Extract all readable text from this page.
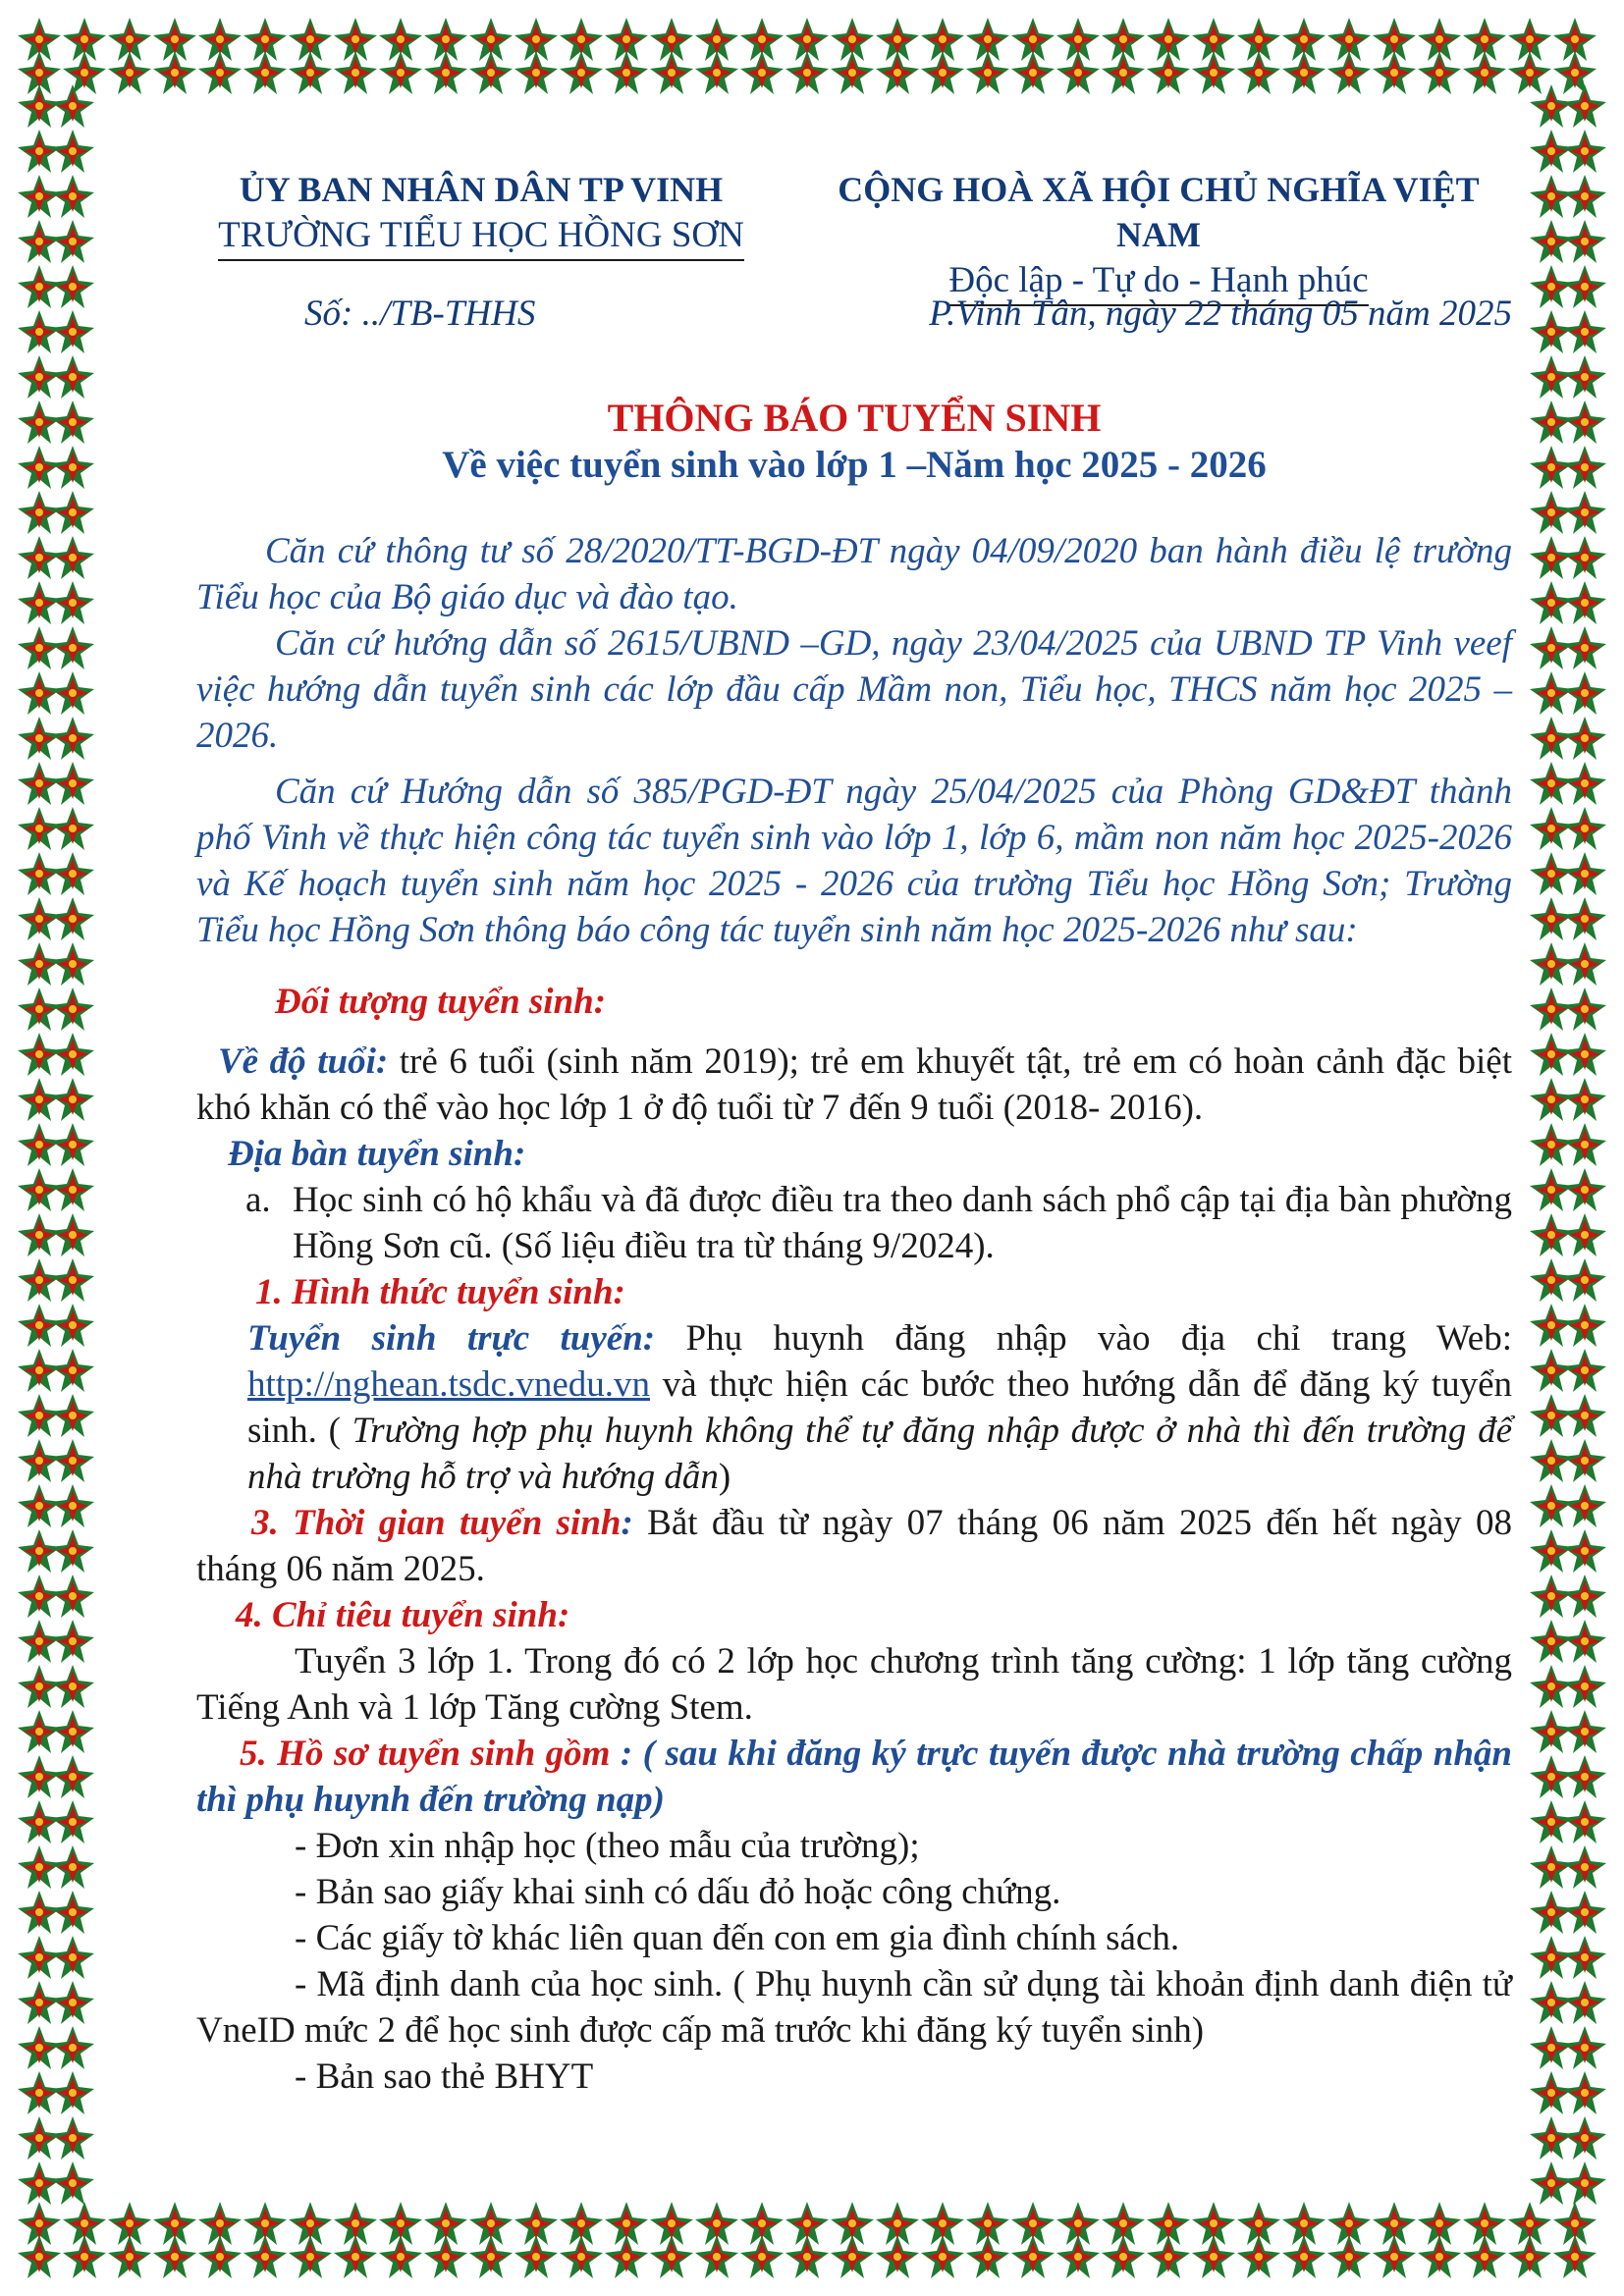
ỦY BAN NHÂN DÂN TP VINH
TRƯỜNG TIỂU HỌC HỒNG SƠN
CỘNG HOÀ XÃ HỘI CHỦ NGHĨA VIỆT NAM
Độc lập - Tự do - Hạnh phúc
Số: ../TB-THHS	P.Vinh Tân, ngày 22 tháng 05 năm 2025
THÔNG BÁO TUYỂN SINH
Về việc tuyển sinh vào lớp 1 –Năm học 2025 - 2026

Căn cứ thông tư số 28/2020/TT-BGD-ĐT ngày 04/09/2020 ban hành điều lệ trường Tiểu học của Bộ giáo dục và đào tạo.

Căn cứ hướng dẫn số 2615/UBND –GD, ngày 23/04/2025 của UBND TP Vinh veef việc hướng dẫn tuyển sinh các lớp đầu cấp Mầm non, Tiểu học, THCS năm học 2025 – 2026.

Căn cứ Hướng dẫn số 385/PGD-ĐT ngày 25/04/2025 của Phòng GD&ĐT thành phố Vinh về thực hiện công tác tuyển sinh vào lớp 1, lớp 6, mầm non năm học 2025-2026 và Kế hoạch tuyển sinh năm học 2025 - 2026 của trường Tiểu học Hồng Sơn; Trường Tiểu học Hồng Sơn thông báo công tác tuyển sinh năm học 2025-2026 như sau:

Đối tượng tuyển sinh:

Về độ tuổi: trẻ 6 tuổi (sinh năm 2019); trẻ em khuyết tật, trẻ em có hoàn cảnh đặc biệt khó khăn có thể vào học lớp 1 ở độ tuổi từ 7 đến 9 tuổi (2018- 2016).

Địa bàn tuyển sinh:

a. Học sinh có hộ khẩu và đã được điều tra theo danh sách phổ cập tại địa bàn phường Hồng Sơn cũ. (Số liệu điều tra từ tháng 9/2024).

1. Hình thức tuyển sinh:

Tuyển sinh trực tuyến: Phụ huynh đăng nhập vào địa chỉ trang Web: http://nghean.tsdc.vnedu.vn và thực hiện các bước theo hướng dẫn để đăng ký tuyển sinh. ( Trường hợp phụ huynh không thể tự đăng nhập được ở nhà thì đến trường để nhà trường hỗ trợ và hướng dẫn)

3. Thời gian tuyển sinh: Bắt đầu từ ngày 07 tháng 06 năm 2025 đến hết ngày 08 tháng 06 năm 2025.

4. Chỉ tiêu tuyển sinh:

Tuyển 3 lớp 1. Trong đó có 2 lớp học chương trình tăng cường: 1 lớp tăng cường Tiếng Anh và 1 lớp Tăng cường Stem.

5. Hồ sơ tuyển sinh gồm : ( sau khi đăng ký trực tuyến được nhà trường chấp nhận thì phụ huynh đến trường nạp)

- Đơn xin nhập học (theo mẫu của trường);

- Bản sao giấy khai sinh có dấu đỏ hoặc công chứng.

- Các giấy tờ khác liên quan đến con em gia đình chính sách.

- Mã định danh của học sinh. ( Phụ huynh cần sử dụng tài khoản định danh điện tử VneID mức 2 để học sinh được cấp mã trước khi đăng ký tuyển sinh)

- Bản sao thẻ BHYT
